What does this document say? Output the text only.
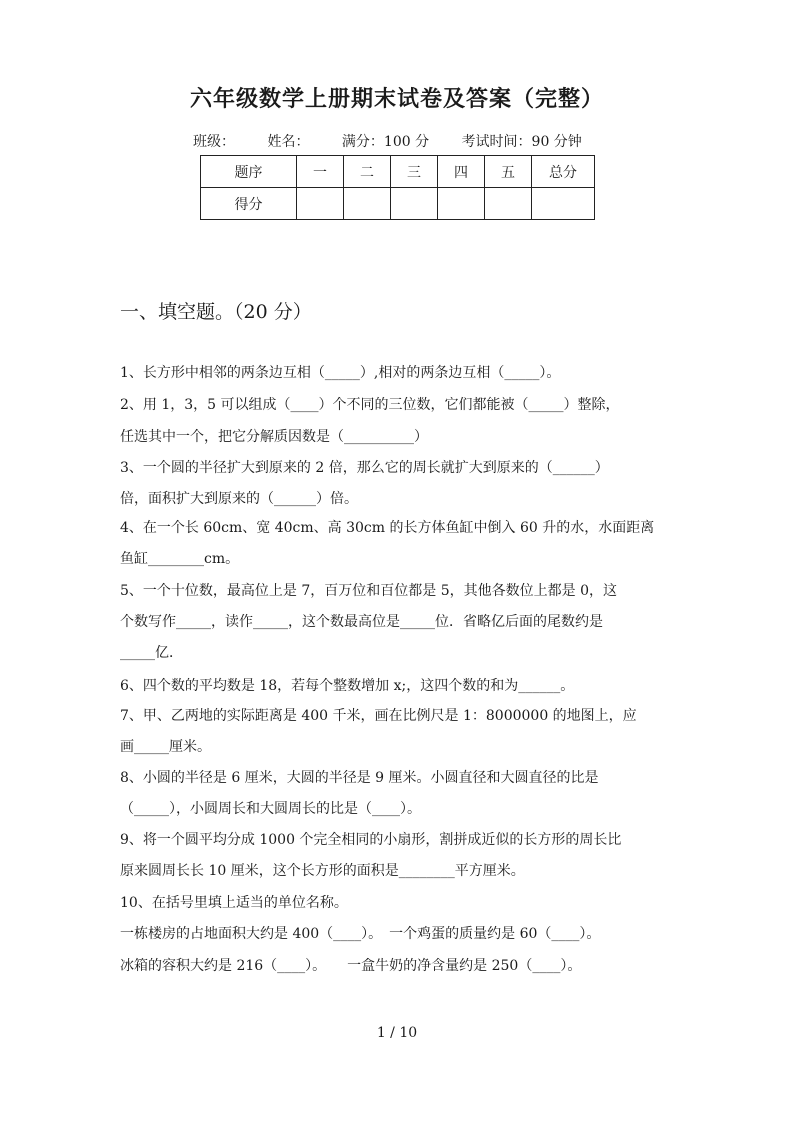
六年级数学上册期末试卷及答案（完整）
班级： 姓名： 满分：100 分 考试时间：90 分钟
题序	一	二	三	四	五	总分
得分						
一、填空题。（20 分）
1、长方形中相邻的两条边互相（_____）,相对的两条边互相（_____）。
2、用 1，3，5 可以组成（____）个不同的三位数，它们都能被（_____）整除，
任选其中一个，把它分解质因数是（__________）
3、一个圆的半径扩大到原来的 2 倍，那么它的周长就扩大到原来的（______）
倍，面积扩大到原来的（______）倍。
4、在一个长 60cm、宽 40cm、高 30cm 的长方体鱼缸中倒入 60 升的水，水面距离
鱼缸________cm。
5、一个十位数，最高位上是 7，百万位和百位都是 5，其他各数位上都是 0，这
个数写作_____，读作_____，这个数最高位是_____位．省略亿后面的尾数约是
_____亿．
6、四个数的平均数是 18，若每个整数增加 x;，这四个数的和为______。
7、甲、乙两地的实际距离是 400 千米，画在比例尺是 1：8000000 的地图上，应
画_____厘米。
8、小圆的半径是 6 厘米，大圆的半径是 9 厘米。小圆直径和大圆直径的比是
（_____），小圆周长和大圆周长的比是（____）。
9、将一个圆平均分成 1000 个完全相同的小扇形，割拼成近似的长方形的周长比
原来圆周长长 10 厘米，这个长方形的面积是________平方厘米。
10、在括号里填上适当的单位名称。
一栋楼房的占地面积大约是 400（____）。　一个鸡蛋的质量约是 60（____）。
冰箱的容积大约是 216（____）。　　一盒牛奶的净含量约是 250（____）。
1 / 10
